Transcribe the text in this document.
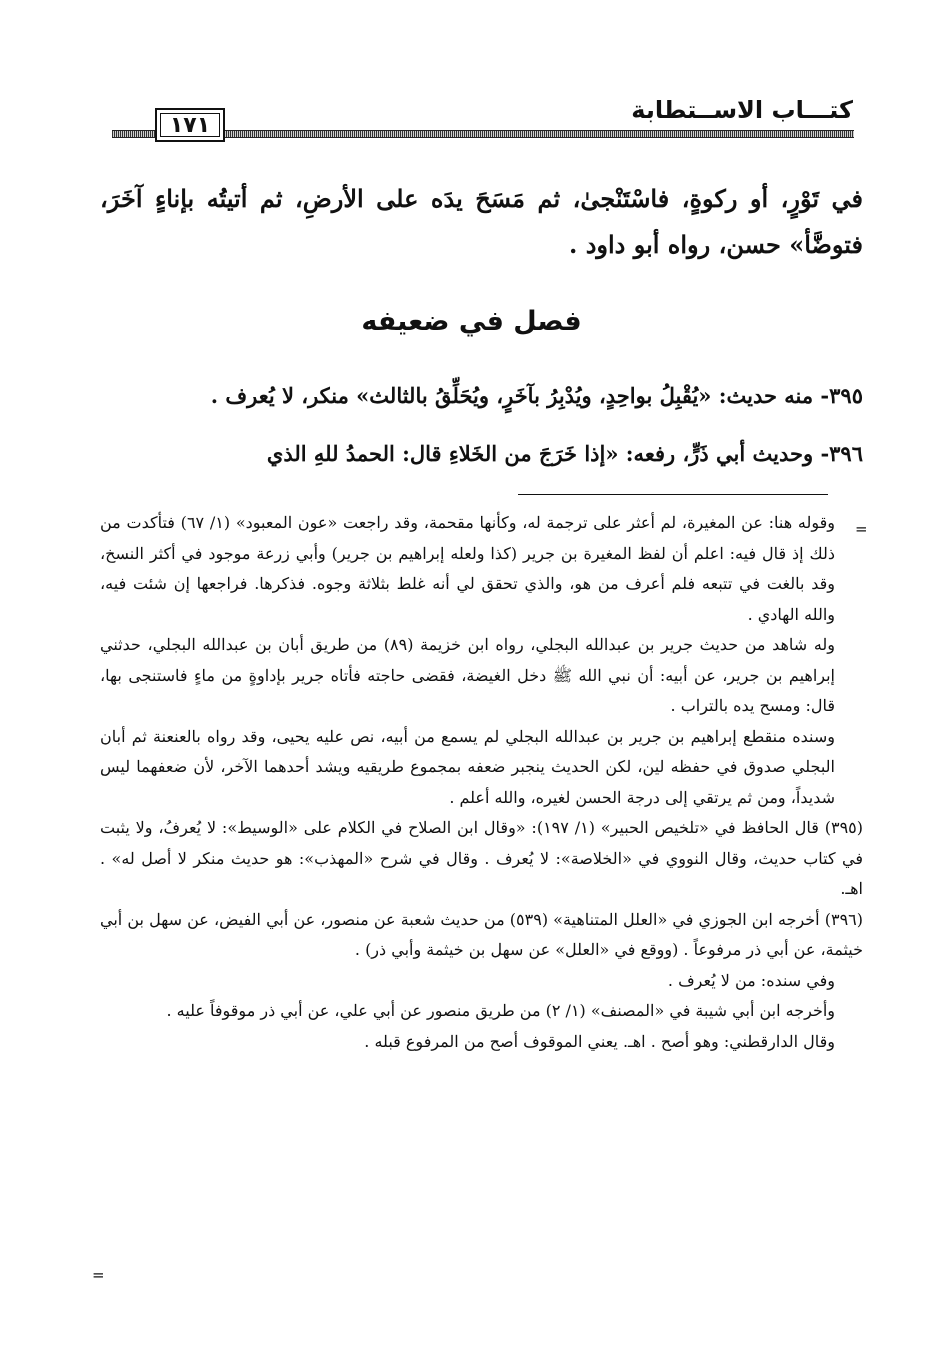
كتـــاب الاســتطابة
١٧١

في تَوْرٍ، أو ركوةٍ، فاسْتَنْجىٰ، ثم مَسَحَ يدَه على الأرضِ، ثم أتيتُه بإناءٍ آخَرَ، فتوضَّأ» حسن، رواه أبو داود .

فصل في ضعيفه
٣٩٥- منه حديث: «يُقْبِلُ بواحِدٍ، ويُدْبِرُ بآخَرٍ، ويُحَلِّقُ بالثالث» منكر، لا يُعرف .
٣٩٦- وحديث أبي ذَرٍّ، رفعه: «إذا خَرَجَ من الخَلاءِ قال: الحمدُ للهِ الذي
=
=

وقوله هنا: عن المغيرة، لم أعثر على ترجمة له، وكأنها مقحمة، وقد راجعت «عون المعبود» (١/ ٦٧) فتأكدت من ذلك إذ قال فيه: اعلم أن لفظ المغيرة بن جرير (كذا ولعله إبراهيم بن جرير) وأبي زرعة موجود في أكثر النسخ، وقد بالغت في تتبعه فلم أعرف من هو، والذي تحقق لي أنه غلط بثلاثة وجوه. فذكرها. فراجعها إن شئت فيه، والله الهادي .

وله شاهد من حديث جرير بن عبدالله البجلي، رواه ابن خزيمة (٨٩) من طريق أبان بن عبدالله البجلي، حدثني إبراهيم بن جرير، عن أبيه: أن نبي الله ﷺ دخل الغيضة، فقضى حاجته فأتاه جرير بإداوةٍ من ماءٍ فاستنجى بها، قال: ومسح يده بالتراب .

وسنده منقطع إبراهيم بن جرير بن عبدالله البجلي لم يسمع من أبيه، نص عليه يحيى، وقد رواه بالعنعنة ثم أبان البجلي صدوق في حفظه لين، لكن الحديث ينجبر ضعفه بمجموع طريقيه ويشد أحدهما الآخر، لأن ضعفهما ليس شديداً، ومن ثم يرتقي إلى درجة الحسن لغيره، والله أعلم .

(٣٩٥) قال الحافظ في «تلخيص الحبير» (١/ ١٩٧): «وقال ابن الصلاح في الكلام على «الوسيط»: لا يُعرفُ، ولا يثبت في كتاب حديث، وقال النووي في «الخلاصة»: لا يُعرف . وقال في شرح «المهذب»: هو حديث منكر لا أصل له» . اهـ.

(٣٩٦) أخرجه ابن الجوزي في «العلل المتناهية» (٥٣٩) من حديث شعبة عن منصور، عن أبي الفيض، عن سهل بن أبي خيثمة، عن أبي ذر مرفوعاً . (ووقع في «العلل» عن سهل بن خيثمة وأبي ذر) .

وفي سنده: من لا يُعرف .

وأخرجه ابن أبي شيبة في «المصنف» (١/ ٢) من طريق منصور عن أبي علي، عن أبي ذر موقوفاً عليه .

وقال الدارقطني: وهو أصح . اهـ. يعني الموقوف أصح من المرفوع قبله .
